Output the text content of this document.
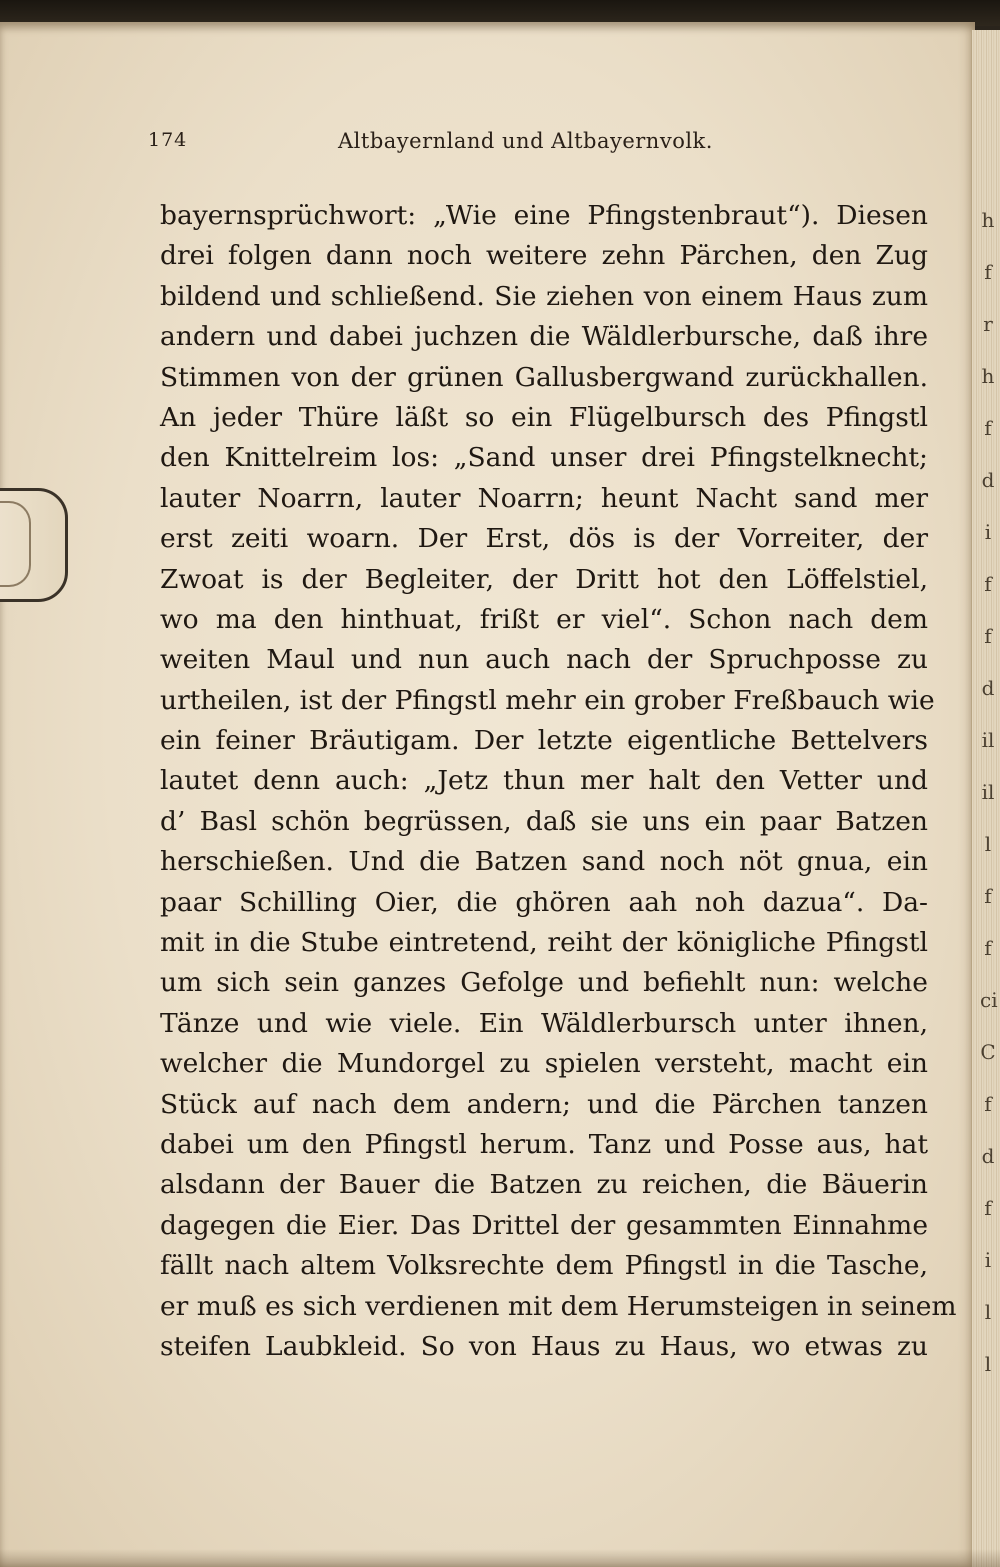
h
f
r
h
f
d
i
f
f
d
il
il
l
f
f
ci
C
f
d
f
i
l
l
174	Altbayernland und Altbayernvolk.
bayernsprüchwort: „Wie eine Pfingstenbraut“). Diesen
drei folgen dann noch weitere zehn Pärchen, den Zug
bildend und schließend. Sie ziehen von einem Haus zum
andern und dabei juchzen die Wäldlerbursche, daß ihre
Stimmen von der grünen Gallusbergwand zurückhallen.
An jeder Thüre läßt so ein Flügelbursch des Pfingstl
den Knittelreim los: „Sand unser drei Pfingstelknecht;
lauter Noarrn, lauter Noarrn; heunt Nacht sand mer
erst zeiti woarn. Der Erst, dös is der Vorreiter, der
Zwoat is der Begleiter, der Dritt hot den Löffelstiel,
wo ma den hinthuat, frißt er viel“. Schon nach dem
weiten Maul und nun auch nach der Spruchposse zu
urtheilen, ist der Pfingstl mehr ein grober Freßbauch wie
ein feiner Bräutigam. Der letzte eigentliche Bettelvers
lautet denn auch: „Jetz thun mer halt den Vetter und
d’ Basl schön begrüssen, daß sie uns ein paar Batzen
herschießen. Und die Batzen sand noch nöt gnua, ein
paar Schilling Oier, die ghören aah noh dazua“. Da-
mit in die Stube eintretend, reiht der königliche Pfingstl
um sich sein ganzes Gefolge und befiehlt nun: welche
Tänze und wie viele. Ein Wäldlerbursch unter ihnen,
welcher die Mundorgel zu spielen versteht, macht ein
Stück auf nach dem andern; und die Pärchen tanzen
dabei um den Pfingstl herum. Tanz und Posse aus, hat
alsdann der Bauer die Batzen zu reichen, die Bäuerin
dagegen die Eier. Das Drittel der gesammten Einnahme
fällt nach altem Volksrechte dem Pfingstl in die Tasche,
er muß es sich verdienen mit dem Herumsteigen in seinem
steifen Laubkleid. So von Haus zu Haus, wo etwas zu
